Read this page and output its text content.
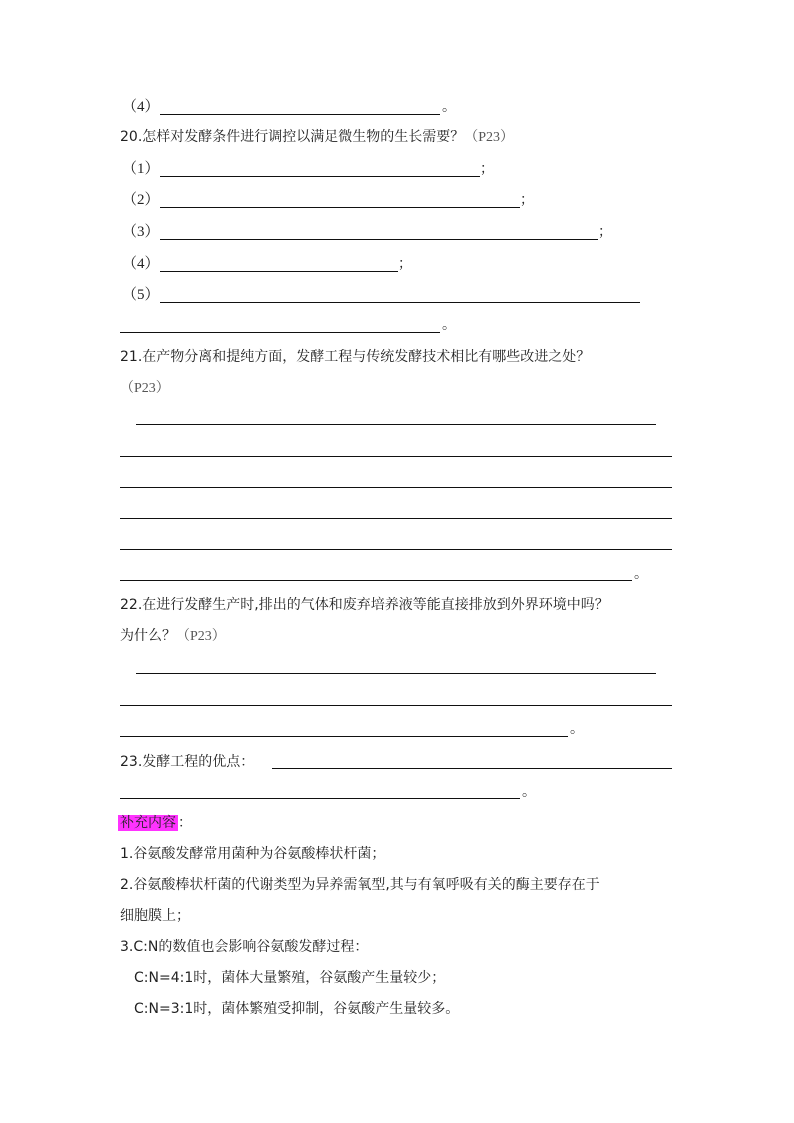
（4）	。
20.怎样对发酵条件进行调控以满足微生物的生长需要？（P23）
（1）	；
（2）	；
（3）	；
（4）	；
（5）
。
21.在产物分离和提纯方面，发酵工程与传统发酵技术相比有哪些改进之处？
（P23）
。
22.在进行发酵生产时,排出的气体和废弃培养液等能直接排放到外界环境中吗？
为什么？（P23）
。
23.发酵工程的优点：
。
补充内容 ：
1.谷氨酸发酵常用菌种为谷氨酸棒状杆菌；
2.谷氨酸棒状杆菌的代谢类型为异养需氧型,其与有氧呼吸有关的酶主要存在于
细胞膜上；
3.C:N的数值也会影响谷氨酸发酵过程：
C:N=4:1时，菌体大量繁殖，谷氨酸产生量较少；
C:N=3:1时，菌体繁殖受抑制，谷氨酸产生量较多。
